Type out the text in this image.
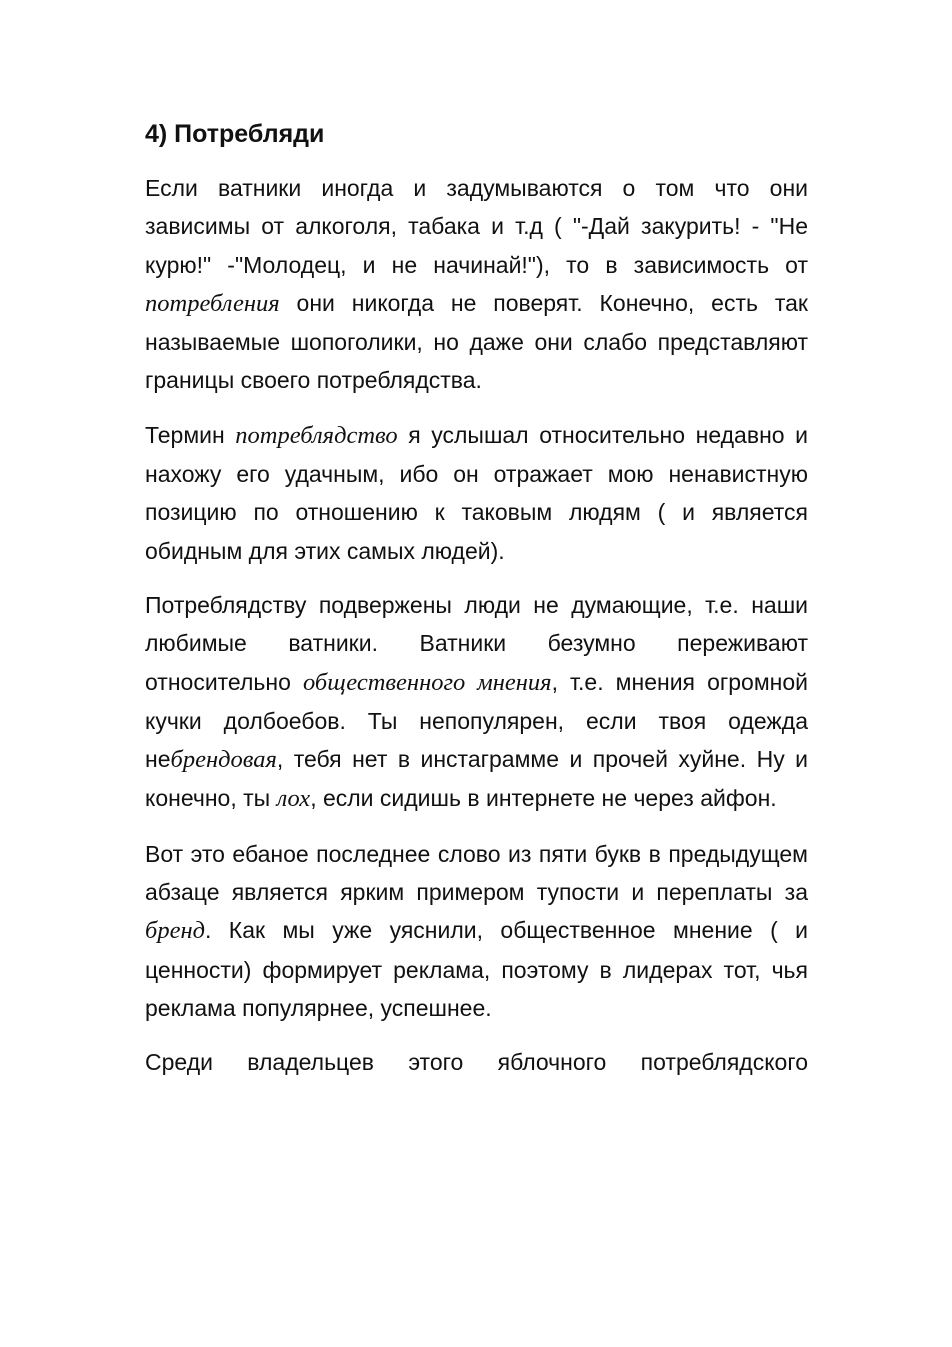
4) Потребляди

Если ватники иногда и задумываются о том что они зависимы от алкоголя, табака и т.д ( "-Дай закурить! - "Не курю!" -"Молодец, и не начинай!"), то в зависимость от потребления они никогда не поверят. Конечно, есть так называемые шопоголики, но даже они слабо представляют границы своего потреблядства.

Термин потреблядство я услышал относительно недавно и нахожу его удачным, ибо он отражает мою ненавистную позицию по отношению к таковым людям ( и является обидным для этих самых людей).

Потреблядству подвержены люди не думающие, т.е. наши любимые ватники. Ватники безумно переживают относительно общественного мнения, т.е. мнения огромной кучки долбоебов. Ты непопулярен, если твоя одежда небрендовая, тебя нет в инстаграмме и прочей хуйне. Ну и конечно, ты лох, если сидишь в интернете не через айфон.

Вот это ебаное последнее слово из пяти букв в предыдущем абзаце является ярким примером тупости и переплаты за бренд. Как мы уже уяснили, общественное мнение ( и ценности) формирует реклама, поэтому в лидерах тот, чья реклама популярнее, успешнее.

Среди владельцев этого яблочного потреблядского
